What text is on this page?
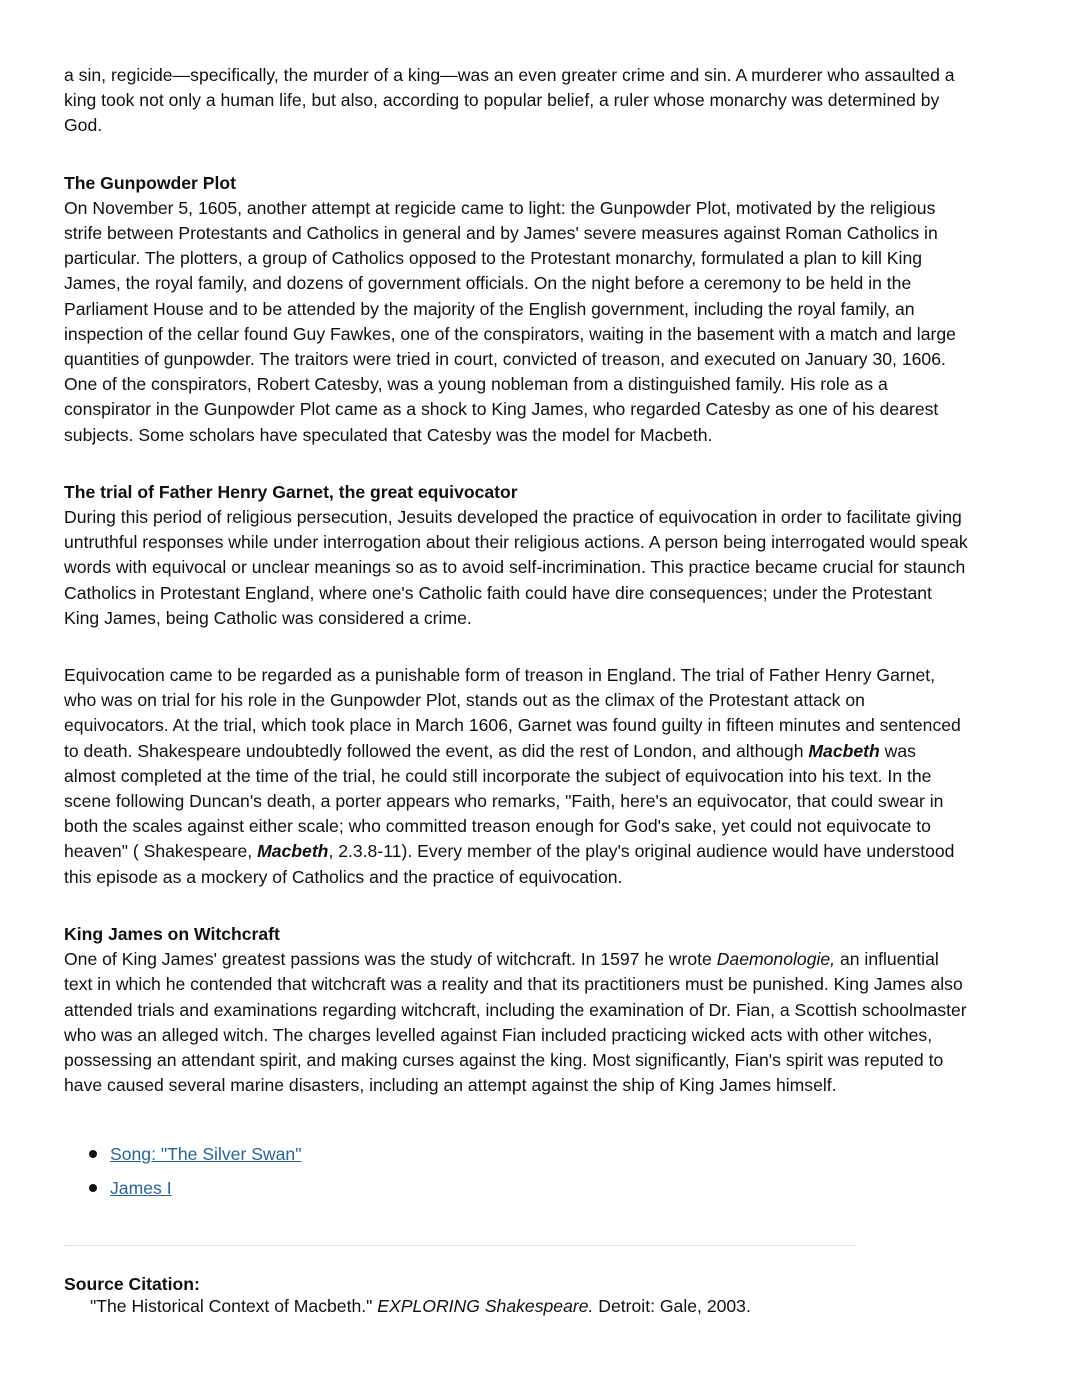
a sin, regicide—specifically, the murder of a king—was an even greater crime and sin. A murderer who assaulted a king took not only a human life, but also, according to popular belief, a ruler whose monarchy was determined by God.

The Gunpowder Plot

On November 5, 1605, another attempt at regicide came to light: the Gunpowder Plot, motivated by the religious strife between Protestants and Catholics in general and by James' severe measures against Roman Catholics in particular. The plotters, a group of Catholics opposed to the Protestant monarchy, formulated a plan to kill King James, the royal family, and dozens of government officials. On the night before a ceremony to be held in the Parliament House and to be attended by the majority of the English government, including the royal family, an inspection of the cellar found Guy Fawkes, one of the conspirators, waiting in the basement with a match and large quantities of gunpowder. The traitors were tried in court, convicted of treason, and executed on January 30, 1606. One of the conspirators, Robert Catesby, was a young nobleman from a distinguished family. His role as a conspirator in the Gunpowder Plot came as a shock to King James, who regarded Catesby as one of his dearest subjects. Some scholars have speculated that Catesby was the model for Macbeth.

The trial of Father Henry Garnet, the great equivocator

During this period of religious persecution, Jesuits developed the practice of equivocation in order to facilitate giving untruthful responses while under interrogation about their religious actions. A person being interrogated would speak words with equivocal or unclear meanings so as to avoid self-incrimination. This practice became crucial for staunch Catholics in Protestant England, where one's Catholic faith could have dire consequences; under the Protestant King James, being Catholic was considered a crime.

Equivocation came to be regarded as a punishable form of treason in England. The trial of Father Henry Garnet, who was on trial for his role in the Gunpowder Plot, stands out as the climax of the Protestant attack on equivocators. At the trial, which took place in March 1606, Garnet was found guilty in fifteen minutes and sentenced to death. Shakespeare undoubtedly followed the event, as did the rest of London, and although Macbeth was almost completed at the time of the trial, he could still incorporate the subject of equivocation into his text. In the scene following Duncan's death, a porter appears who remarks, "Faith, here's an equivocator, that could swear in both the scales against either scale; who committed treason enough for God's sake, yet could not equivocate to heaven" ( Shakespeare, Macbeth, 2.3.8-11). Every member of the play's original audience would have understood this episode as a mockery of Catholics and the practice of equivocation.

King James on Witchcraft

One of King James' greatest passions was the study of witchcraft. In 1597 he wrote Daemonologie, an influential text in which he contended that witchcraft was a reality and that its practitioners must be punished. King James also attended trials and examinations regarding witchcraft, including the examination of Dr. Fian, a Scottish schoolmaster who was an alleged witch. The charges levelled against Fian included practicing wicked acts with other witches, possessing an attendant spirit, and making curses against the king. Most significantly, Fian's spirit was reputed to have caused several marine disasters, including an attempt against the ship of King James himself.

Song: "The Silver Swan"
James I
Source Citation:
"The Historical Context of Macbeth." EXPLORING Shakespeare. Detroit: Gale, 2003.
